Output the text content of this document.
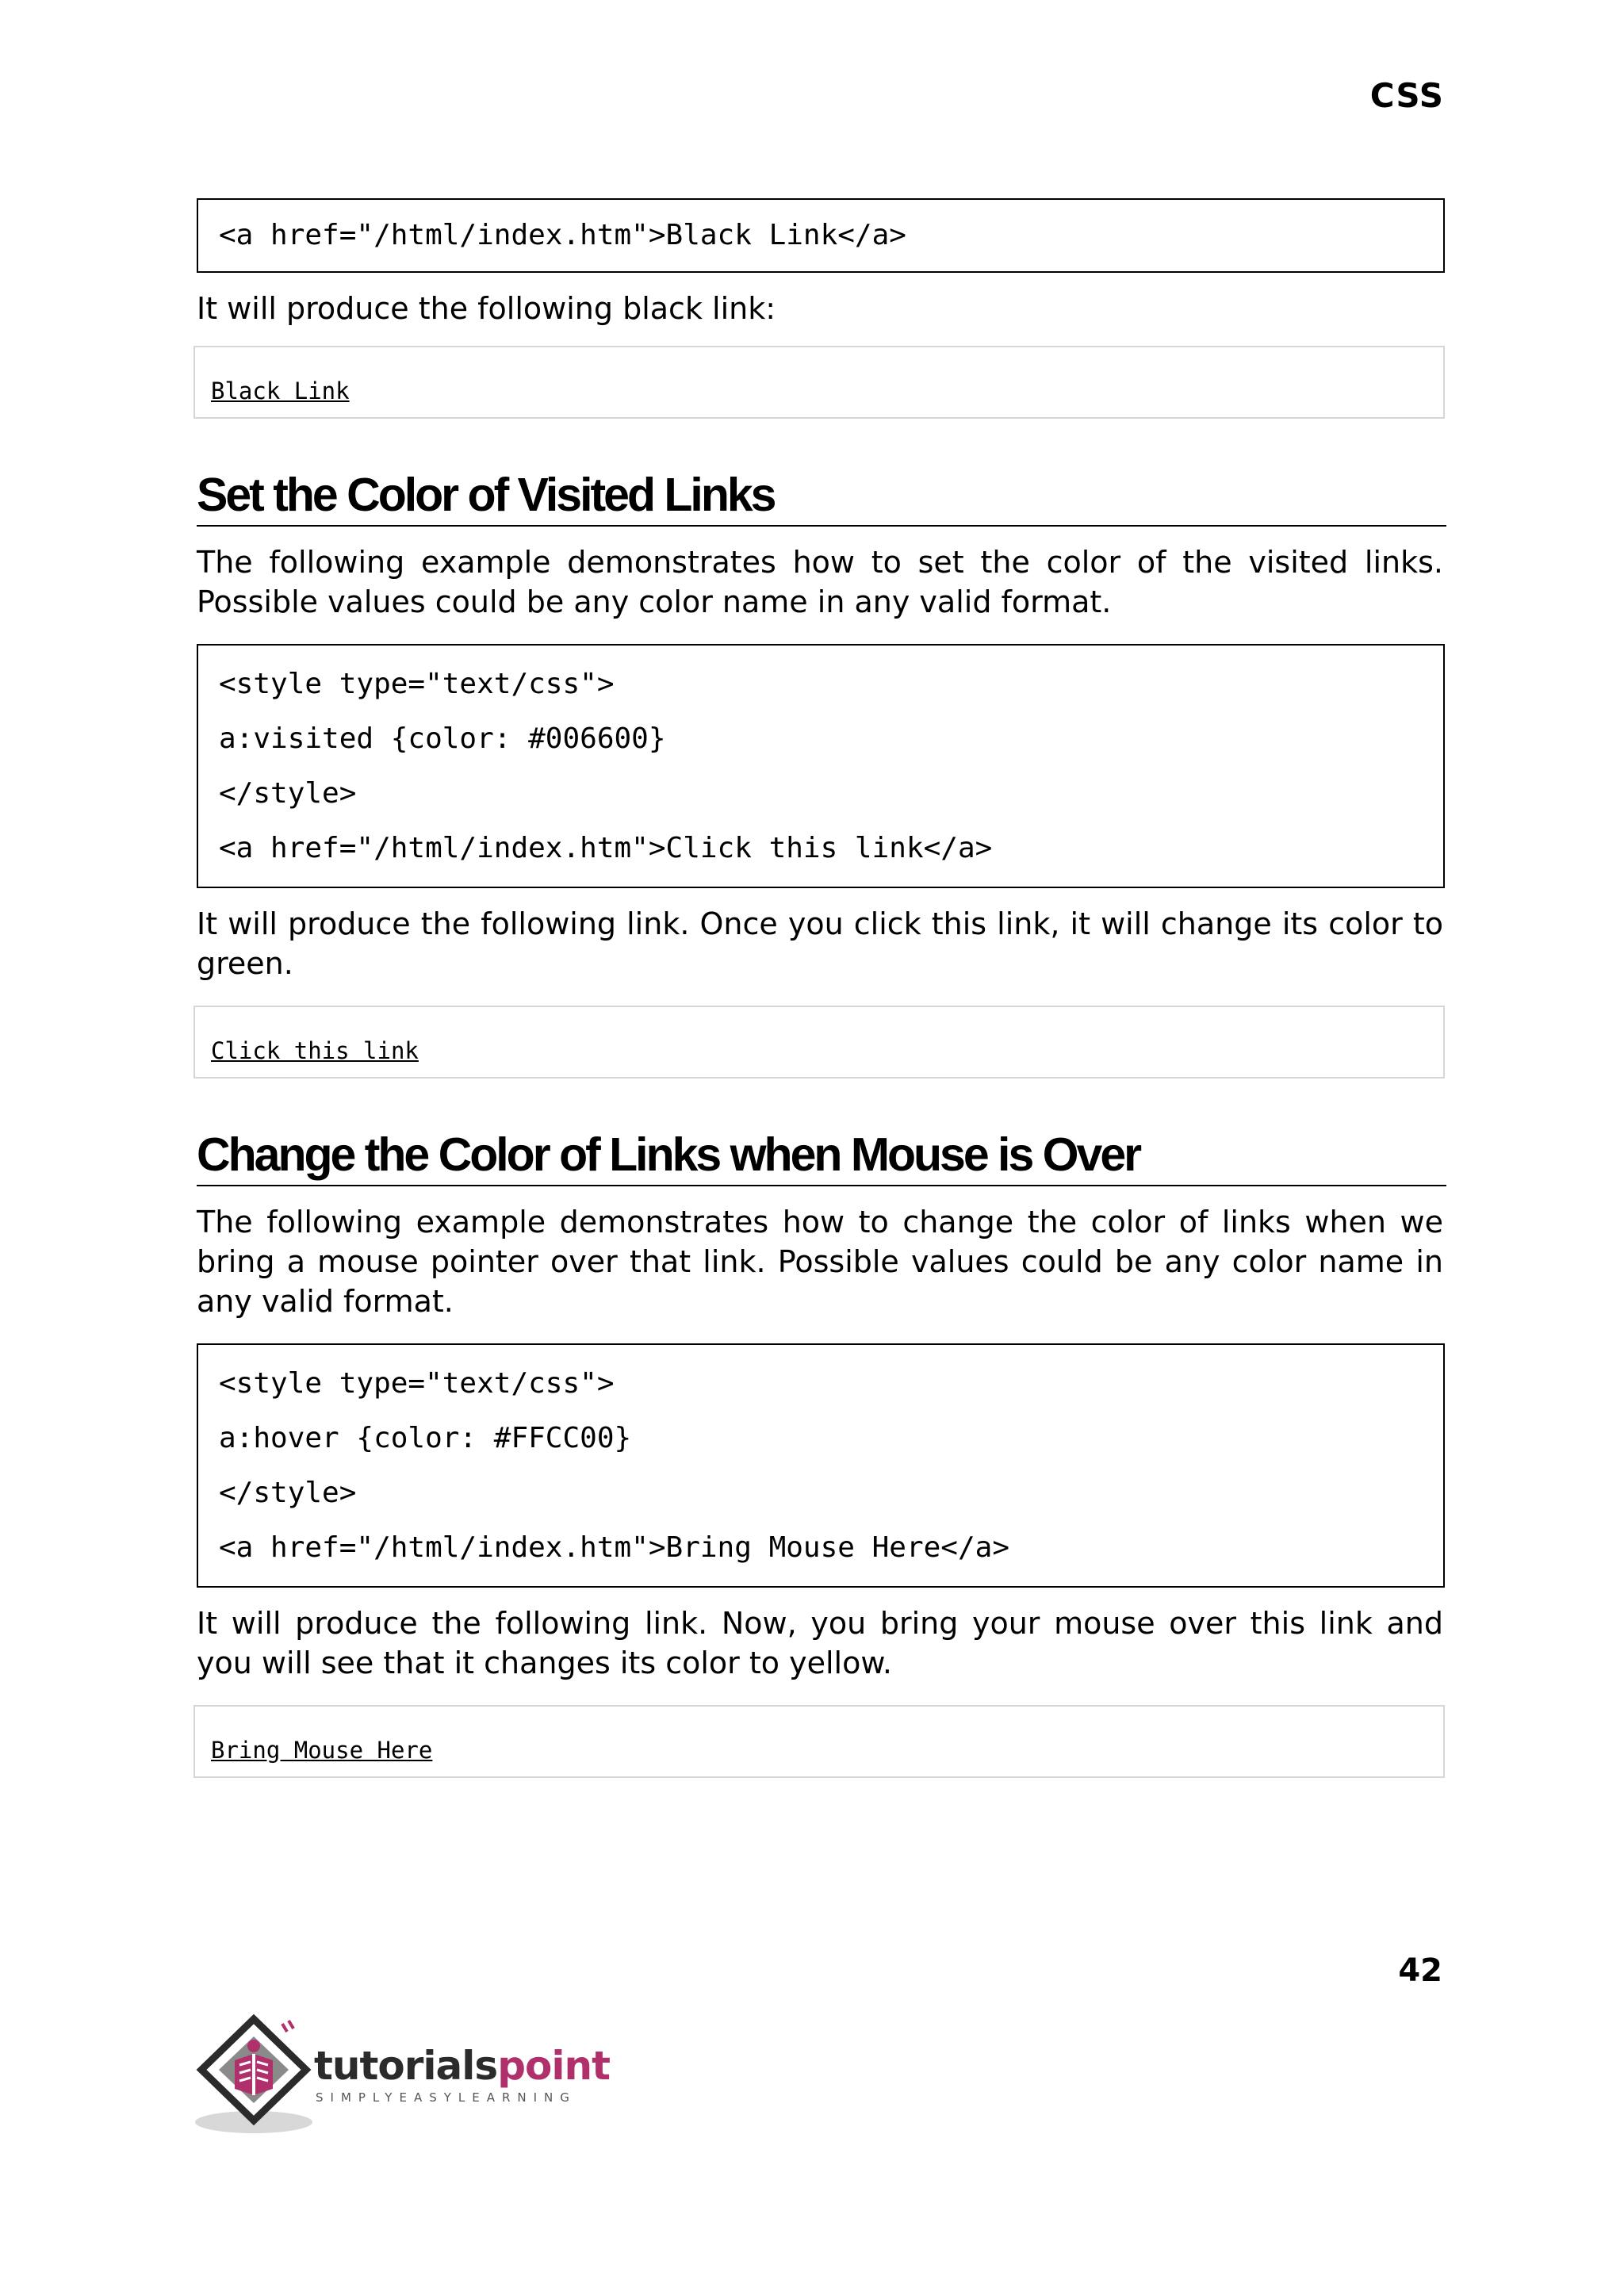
CSS
<a href="/html/index.htm">Black Link</a>

It will produce the following black link:

Black Link
Set the Color of Visited Links

The following example demonstrates how to set the color of the visited links. Possible values could be any color name in any valid format.

<style type="text/css">
a:visited {color: #006600}
</style>
<a href="/html/index.htm">Click this link</a>

It will produce the following link. Once you click this link, it will change its color to green.

Click this link
Change the Color of Links when Mouse is Over

The following example demonstrates how to change the color of links when we bring a mouse pointer over that link. Possible values could be any color name in any valid format.

<style type="text/css">
a:hover {color: #FFCC00}
</style>
<a href="/html/index.htm">Bring Mouse Here</a>

It will produce the following link. Now, you bring your mouse over this link and you will see that it changes its color to yellow.

Bring Mouse Here
42
tutorialspoint
SIMPLYEASYLEARNING
